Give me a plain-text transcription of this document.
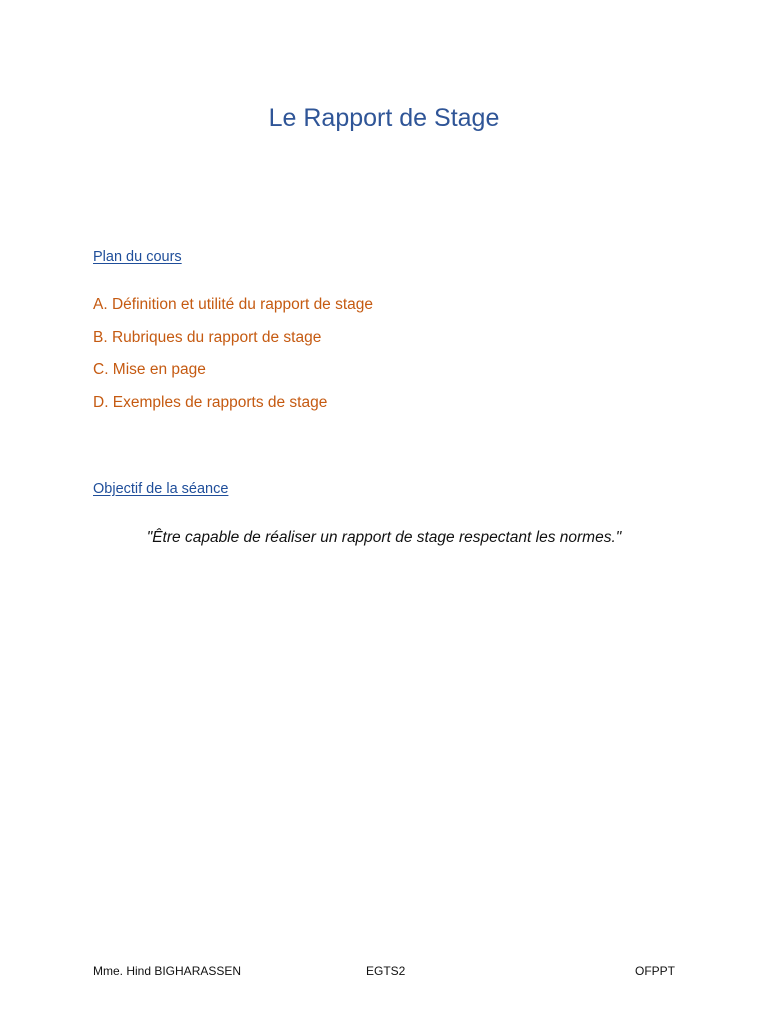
Le Rapport de Stage
Plan du cours
A. Définition et utilité du rapport de stage
B. Rubriques du rapport de stage
C. Mise en page
D. Exemples de rapports de stage
Objectif de la séance

"Être capable de réaliser un rapport de stage respectant les normes."

Mme. Hind BIGHARASSEN	EGTS2	OFPPT
